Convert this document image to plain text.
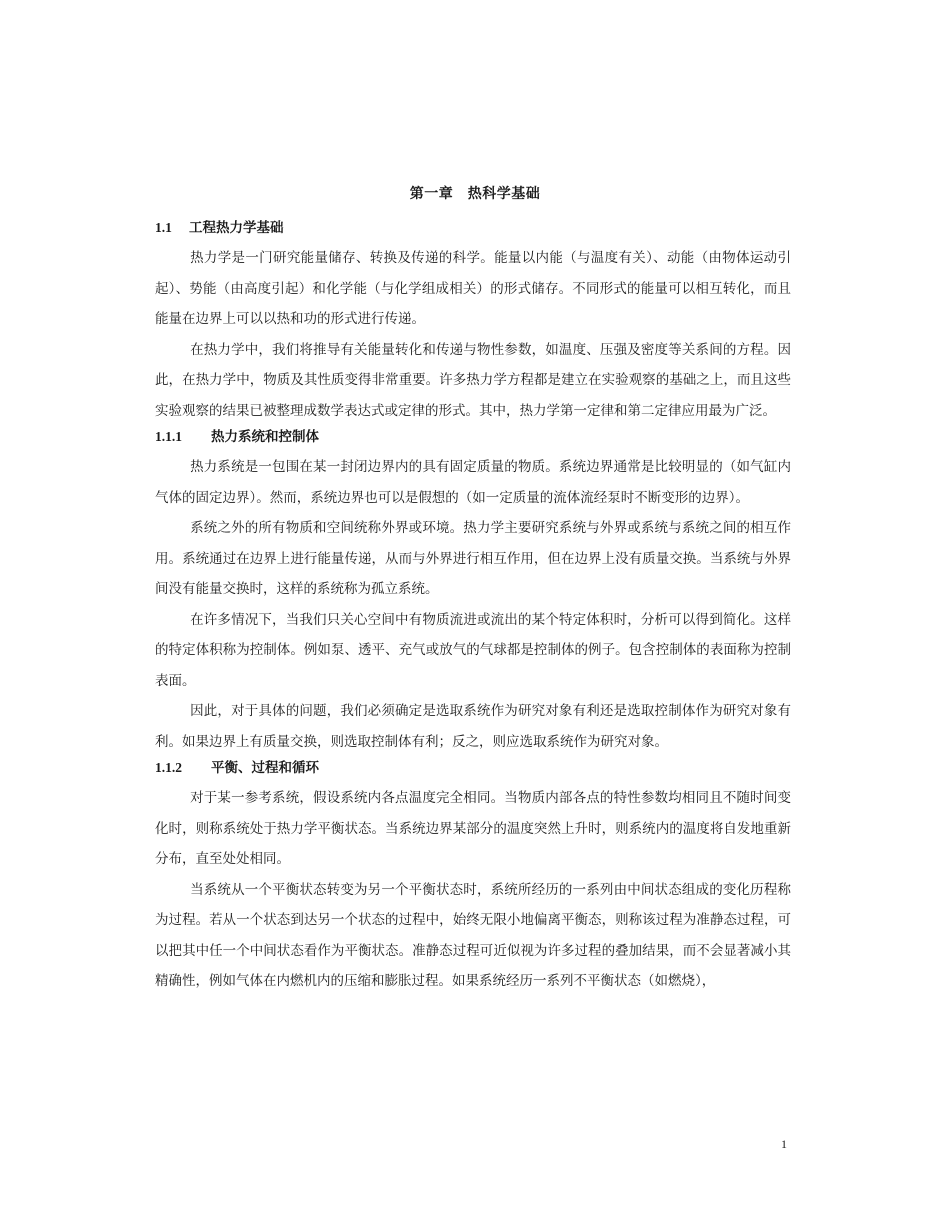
第一章　热科学基础
1.1 工程热力学基础

热力学是一门研究能量储存、转换及传递的科学。能量以内能（与温度有关）、动能（由物体运动引起）、势能（由高度引起）和化学能（与化学组成相关）的形式储存。不同形式的能量可以相互转化，而且能量在边界上可以以热和功的形式进行传递。

在热力学中，我们将推导有关能量转化和传递与物性参数，如温度、压强及密度等关系间的方程。因此，在热力学中，物质及其性质变得非常重要。许多热力学方程都是建立在实验观察的基础之上，而且这些实验观察的结果已被整理成数学表达式或定律的形式。其中，热力学第一定律和第二定律应用最为广泛。

1.1.1 热力系统和控制体

热力系统是一包围在某一封闭边界内的具有固定质量的物质。系统边界通常是比较明显的（如气缸内气体的固定边界）。然而，系统边界也可以是假想的（如一定质量的流体流经泵时不断变形的边界）。

系统之外的所有物质和空间统称外界或环境。热力学主要研究系统与外界或系统与系统之间的相互作用。系统通过在边界上进行能量传递，从而与外界进行相互作用，但在边界上没有质量交换。当系统与外界间没有能量交换时，这样的系统称为孤立系统。

在许多情况下，当我们只关心空间中有物质流进或流出的某个特定体积时，分析可以得到简化。这样的特定体积称为控制体。例如泵、透平、充气或放气的气球都是控制体的例子。包含控制体的表面称为控制表面。

因此，对于具体的问题，我们必须确定是选取系统作为研究对象有利还是选取控制体作为研究对象有利。如果边界上有质量交换，则选取控制体有利；反之，则应选取系统作为研究对象。

1.1.2 平衡、过程和循环

对于某一参考系统，假设系统内各点温度完全相同。当物质内部各点的特性参数均相同且不随时间变化时，则称系统处于热力学平衡状态。当系统边界某部分的温度突然上升时，则系统内的温度将自发地重新分布，直至处处相同。

当系统从一个平衡状态转变为另一个平衡状态时，系统所经历的一系列由中间状态组成的变化历程称为过程。若从一个状态到达另一个状态的过程中，始终无限小地偏离平衡态，则称该过程为准静态过程，可以把其中任一个中间状态看作为平衡状态。准静态过程可近似视为许多过程的叠加结果，而不会显著减小其精确性，例如气体在内燃机内的压缩和膨胀过程。如果系统经历一系列不平衡状态（如燃烧），

1
